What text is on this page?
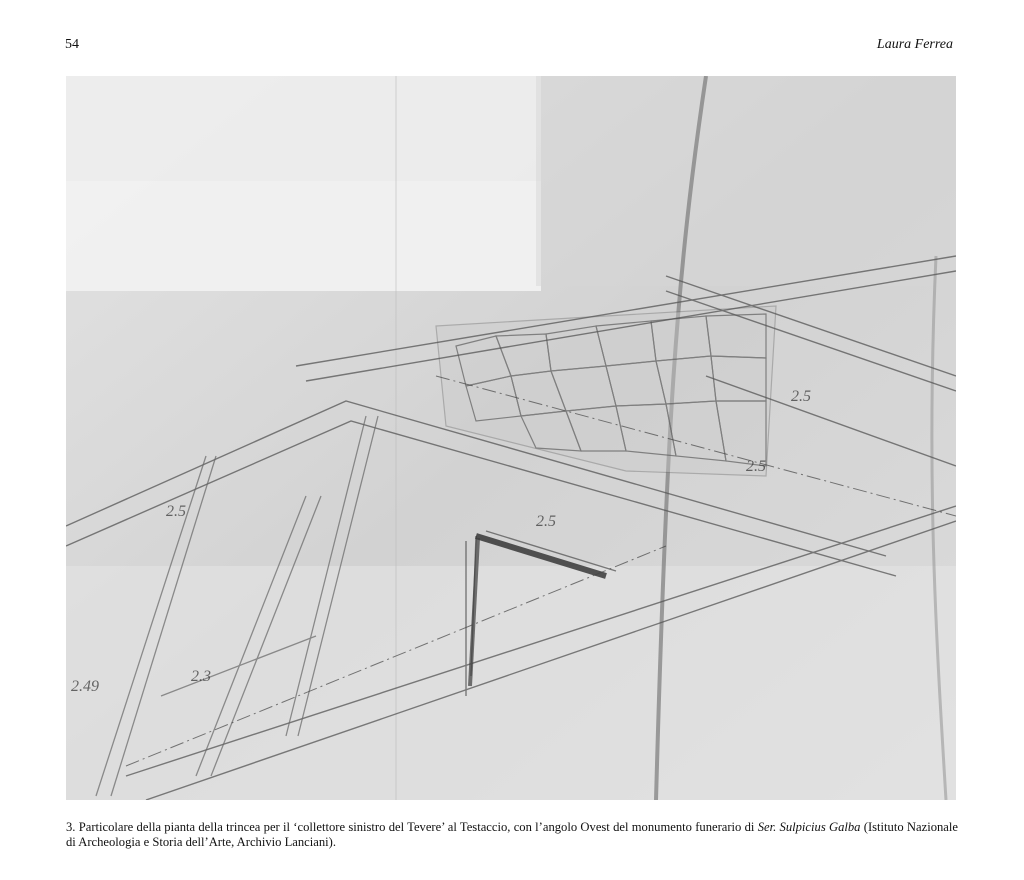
54	Laura Ferrea
2.49
2.3
2.5
2.5
2.5
2.5
3. Particolare della pianta della trincea per il ‘collettore sinistro del Tevere’ al Testaccio, con l’angolo Ovest del monumento funerario di Ser. Sulpicius Galba (Istituto Nazionale di Archeologia e Storia dell’Arte, Archivio Lanciani).
